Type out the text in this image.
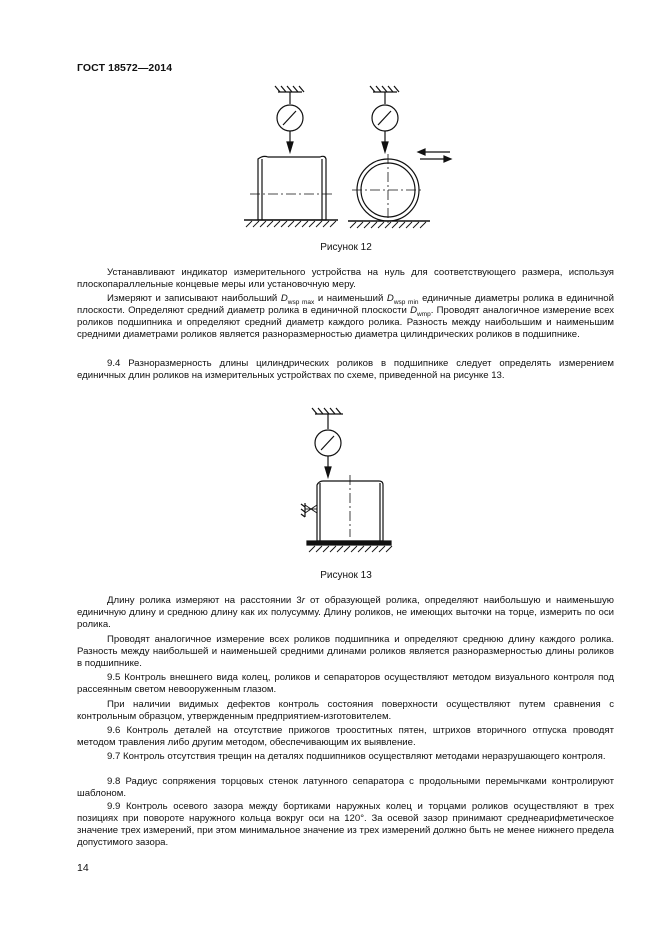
ГОСТ 18572—2014
Рисунок 12

Устанавливают индикатор измерительного устройства на нуль для соответствующего размера, используя плоскопараллельные концевые меры или установочную меру.

Измеряют и записывают наибольший $D_{wsp max}$ и наименьший $D_{wsp min}$ единичные диаметры ролика в единичной плоскости. Определяют средний диаметр ролика в единичной плоскости $D_{wmp}$. Проводят аналогичное измерение всех роликов подшипника и определяют средний диаметр каждого ролика. Разность между наибольшим и наименьшим средними диаметрами роликов является разноразмерностью диаметра цилиндрических роликов в подшипнике.

9.4 Разноразмерность длины цилиндрических роликов в подшипнике следует определять измерением единичных длин роликов на измерительных устройствах по схеме, приведенной на рисунке 13.

Рисунок 13

Длину ролика измеряют на расстоянии 3r от образующей ролика, определяют наибольшую и наименьшую единичную длину и среднюю длину как их полусумму. Длину роликов, не имеющих выточки на торце, измерить по оси ролика.

Проводят аналогичное измерение всех роликов подшипника и определяют среднюю длину каждого ролика. Разность между наибольшей и наименьшей средними длинами роликов является разноразмерностью длины роликов в подшипнике.

9.5 Контроль внешнего вида колец, роликов и сепараторов осуществляют методом визуального контроля под рассеянным светом невооруженным глазом.

При наличии видимых дефектов контроль состояния поверхности осуществляют путем сравнения с контрольным образцом, утвержденным предприятием-изготовителем.

9.6 Контроль деталей на отсутствие прижогов трооститных пятен, штрихов вторичного отпуска проводят методом травления либо другим методом, обеспечивающим их выявление.

9.7 Контроль отсутствия трещин на деталях подшипников осуществляют методами неразрушающего контроля.

9.8 Радиус сопряжения торцовых стенок латунного сепаратора с продольными перемычками контролируют шаблоном.

9.9 Контроль осевого зазора между бортиками наружных колец и торцами роликов осуществляют в трех позициях при повороте наружного кольца вокруг оси на 120°. За осевой зазор принимают среднеарифметическое значение трех измерений, при этом минимальное значение из трех измерений должно быть не менее нижнего предела допустимого зазора.

14
